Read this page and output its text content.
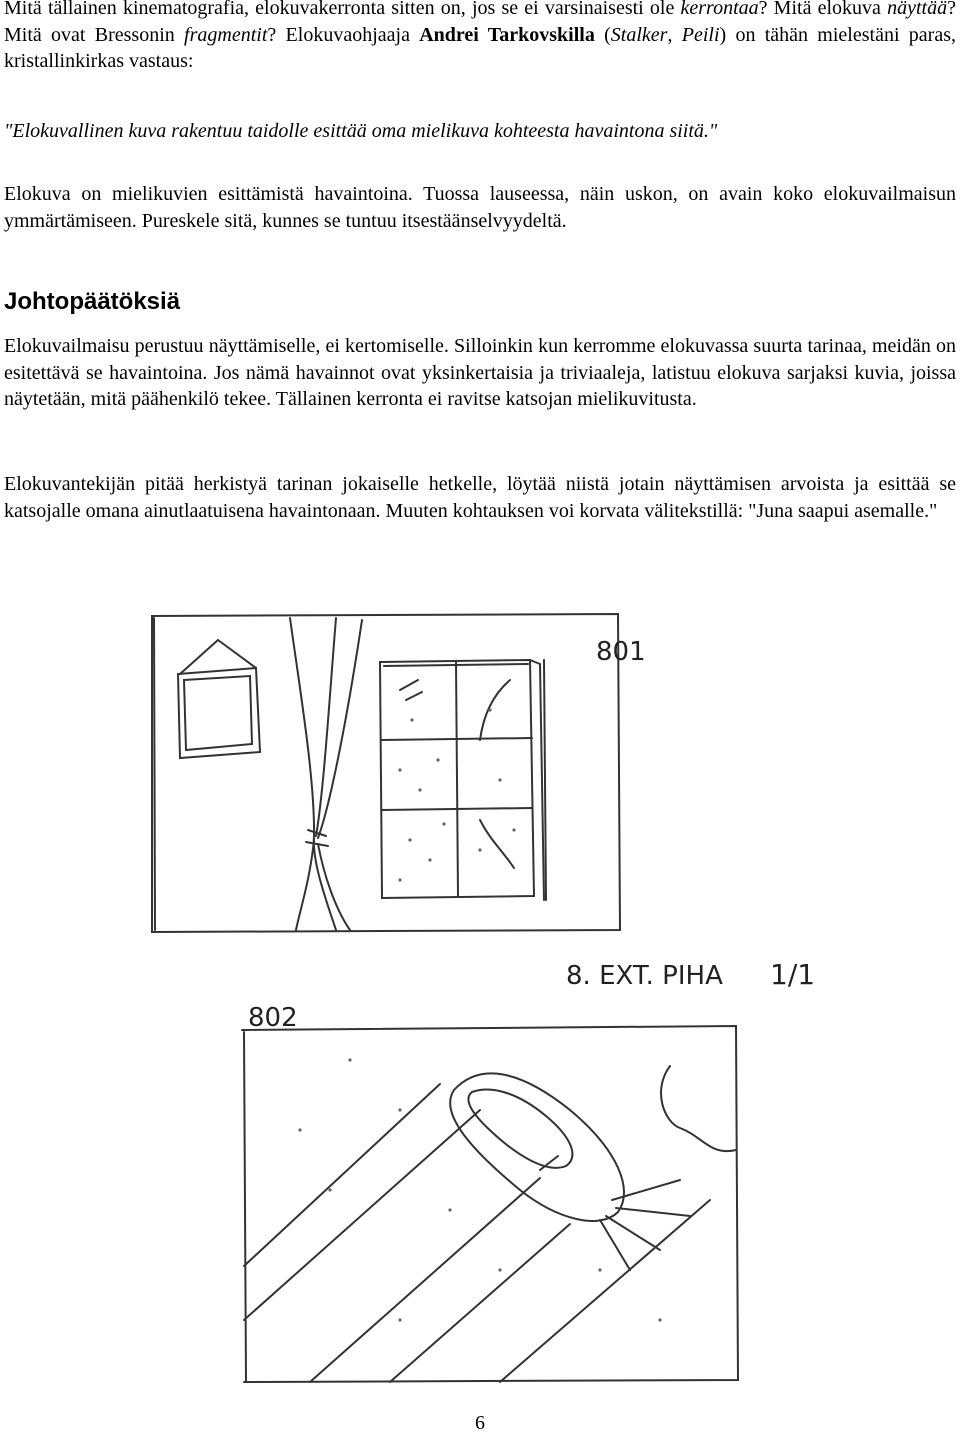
Mitä tällainen kinematografia, elokuvakerronta sitten on, jos se ei varsinaisesti ole kerrontaa? Mitä elokuva näyttää? Mitä ovat Bressonin fragmentit? Elokuvaohjaaja Andrei Tarkovskilla (Stalker, Peili) on tähän mielestäni paras, kristallinkirkas vastaus:

"Elokuvallinen kuva rakentuu taidolle esittää oma mielikuva kohteesta havaintona siitä."

Elokuva on mielikuvien esittämistä havaintoina. Tuossa lauseessa, näin uskon, on avain koko elokuvailmaisun ymmärtämiseen. Pureskele sitä, kunnes se tuntuu itsestäänselvyydeltä.

Johtopäätöksiä

Elokuvailmaisu perustuu näyttämiselle, ei kertomiselle. Silloinkin kun kerromme elokuvassa suurta tarinaa, meidän on esitettävä se havaintoina. Jos nämä havainnot ovat yksinkertaisia ja triviaaleja, latistuu elokuva sarjaksi kuvia, joissa näytetään, mitä päähenkilö tekee. Tällainen kerronta ei ravitse katsojan mielikuvitusta.

Elokuvantekijän pitää herkistyä tarinan jokaiselle hetkelle, löytää niistä jotain näyttämisen arvoista ja esittää se katsojalle omana ainutlaatuisena havaintonaan. Muuten kohtauksen voi korvata välitekstillä: "Juna saapui asemalle."

801
802
8. EXT. PIHA 1/1
6
